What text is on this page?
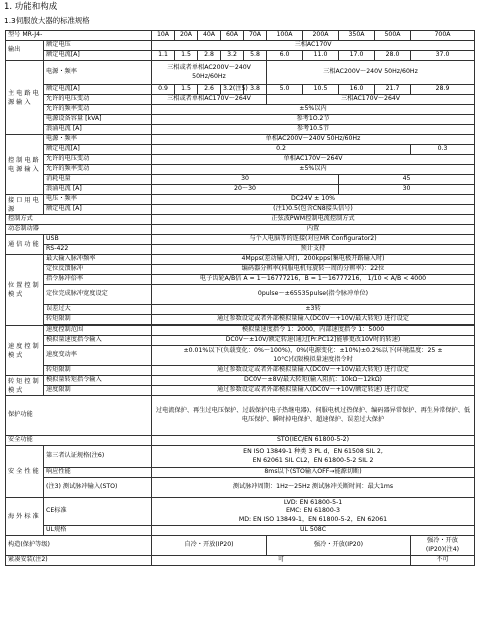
1. 功能和构成
1.3伺服放大器的标准规格
型号 MR-J4-		10A	20A	40A	60A	70A	100A	200A	350A	500A	700A
输出	额定电压	三相AC170V									
	额定电流[A]	1.1	1.5	2.8	3.2	5.8	6.0	11.0	17.0	28.0	37.0
主电路电源输入	电源・频率	三相或者单相AC200V～240V 50Hz/60Hz					三相AC200V～240V 50Hz/60Hz				
	额定电流[A]	0.9	1.5	2.6	3.2(注5)	3.8	5.0	10.5	16.0	21.7	28.9
	允许的电压变动	三相或者单相AC170V～264V					三相AC170V～264V				
	允许的频率变动	±5%以内									
	电源设备容量 [kVA]	参考1O.2节									
	浪涌电流 [A]	参考10.5节									
控制电路电源输入	电源・频率	单相AC200V～240V 50Hz/60Hz									
	额定电流[A]	0.2									0.3
	允许的电压变动	单相AC170V～264V									
	允许的频率变动	±5%以内									
	消耗电量	30							45		
	浪涌电流 [A]	20～30							30		
接口用电源	电压・频率	DC24V ± 10%									
	额定电流 [A]	(注1)0.5(包含CN8接头信号)									
控制方式		正弦波PWM控制电流控制方式									
动态制动器		内置									
通信功能	USB	与个人电脑等的连接(对应MR Configurator2)									
	RS-422	预计支持									
位置控制模式	最大输入脉冲频率	4Mpps(差动输入时)，200kpps(集电极开路输入时)									
	定位反馈脉冲	编码器分辨率(伺服电机每旋转一周的分辨率)：22位									
	指令脉冲倍率	电子齿轮A/B倍 A = 1～16777216，B = 1～16777216， 1/10 < A/B < 4000									
	定位完成脉冲宽度设定	0pulse～±65535pulse(指令脉冲单位)									
	误差过大	±3转									
	转矩限制	通过参数设定或者外部模拟量输入(DC0V～+10V/最大转矩) 进行设定									

速度控制模式	速度控制范围	模拟量速度指令 1：2000，内部速度指令 1：5000									
	模拟量速度指令输入	DC0V～±10V/额定转速(通过[Pr.PC12]能够更改10V时的转速)									
	速度变动率	±0.01%以下(负载变化：0%～100%)，0%(电源变化：±10%)±0.2%以下(环境温度：25 ±
10°C)仅限模拟量速度指令时									
	转矩限制	通过参数设定或者外部模拟量输入(DC0V～+10V/最大转矩) 进行设定									
转矩控制模式	模拟量转矩指令输入	DC0V～±8V/最大转矩(输入阻抗：10kΩ～12kΩ)									
	速度限制	通过参数设定或者外部模拟量输入(DC0V～+10V/额定转速) 进行设定									
保护功能		过电流保护、再生过电压保护、过载保护(电子热继电器)、伺服电机过热保护、编码器异常保护、再生异常保护、低电压保护、瞬时掉电保护、超速保护、误差过大保护									
安全功能		STO(IEC/EN 61800-5-2)									
安全性能	第三者认证规格(注6)	EN ISO 13849-1 种类 3 PL d，EN 61508 SIL 2,
EN 62061 SIL CL2，EN 61800-5-2 SIL 2									
	响应性能	8ms以下(STO输入OFF→能源切断)									
	(注3) 测试脉冲输入(STO)	测试脉冲周期：1Hz～25Hz 测试脉冲关断时间：最大1ms									
海外标准	CE标准	LVD: EN 61800-5-1
EMC: EN 61800-3
MD: EN ISO 13849-1，EN 61800-5-2，EN 62061									
	UL规格	UL 508C									
构造(保护等级)		自冷・开放(IP20)					强冷・开放(IP20)				强冷・开放
(IP20)(注4)
紧凑安装(注2)		可									不可
